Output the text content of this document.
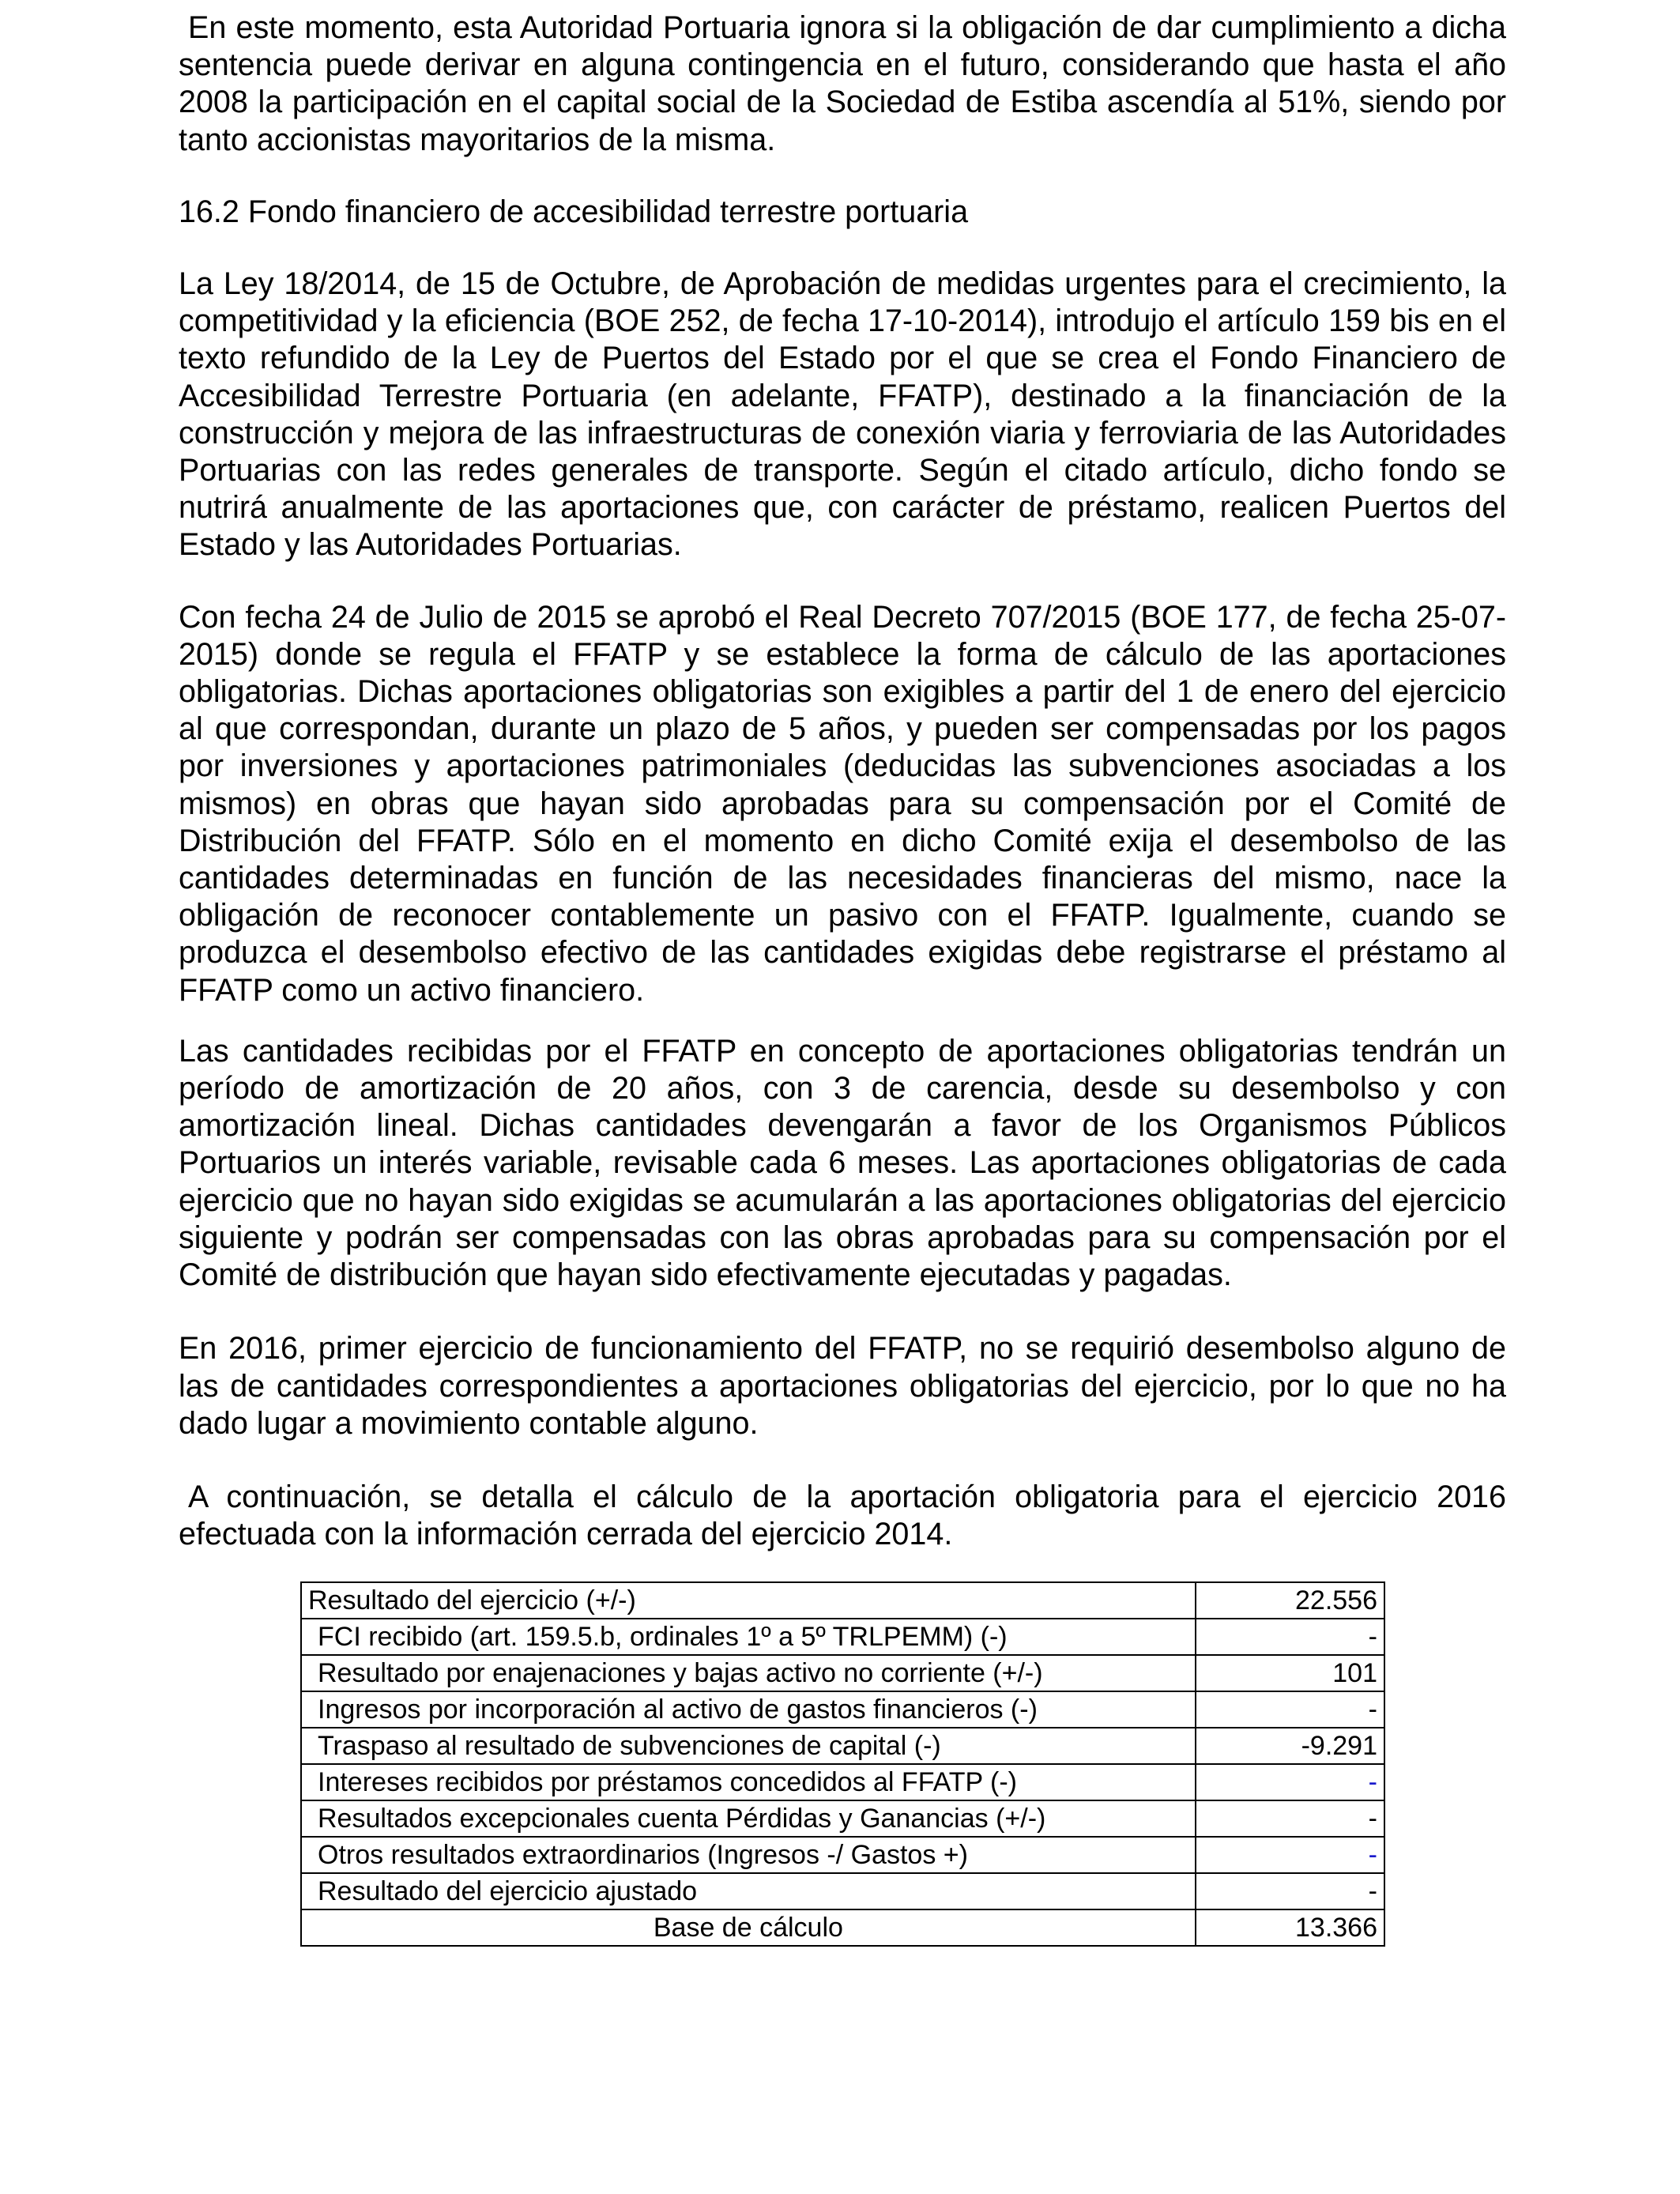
En este momento, esta Autoridad Portuaria ignora si la obligación de dar cumplimiento a dicha sentencia puede derivar en alguna contingencia en el futuro, considerando que hasta el año 2008 la participación en el capital social de la Sociedad de Estiba ascendía al 51%, siendo por tanto accionistas mayoritarios de la misma.

16.2 Fondo financiero de accesibilidad terrestre portuaria

La Ley 18/2014, de 15 de Octubre, de Aprobación de medidas urgentes para el crecimiento, la competitividad y la eficiencia (BOE 252, de fecha 17-10-2014), introdujo el artículo 159 bis en el texto refundido de la Ley de Puertos del Estado por el que se crea el Fondo Financiero de Accesibilidad Terrestre Portuaria (en adelante, FFATP), destinado a la financiación de la construcción y mejora de las infraestructuras de conexión viaria y ferroviaria de las Autoridades Portuarias con las redes generales de transporte. Según el citado artículo, dicho fondo se nutrirá anualmente de las aportaciones que, con carácter de préstamo, realicen Puertos del Estado y las Autoridades Portuarias.

Con fecha 24 de Julio de 2015 se aprobó el Real Decreto 707/2015 (BOE 177, de fecha 25-07-2015) donde se regula el FFATP y se establece la forma de cálculo de las aportaciones obligatorias. Dichas aportaciones obligatorias son exigibles a partir del 1 de enero del ejercicio al que correspondan, durante un plazo de 5 años, y pueden ser compensadas por los pagos por inversiones y aportaciones patrimoniales (deducidas las subvenciones asociadas a los mismos) en obras que hayan sido aprobadas para su compensación por el Comité de Distribución del FFATP. Sólo en el momento en dicho Comité exija el desembolso de las cantidades determinadas en función de las necesidades financieras del mismo, nace la obligación de reconocer contablemente un pasivo con el FFATP. Igualmente, cuando se produzca el desembolso efectivo de las cantidades exigidas debe registrarse el préstamo al FFATP como un activo financiero.

Las cantidades recibidas por el FFATP en concepto de aportaciones obligatorias tendrán un período de amortización de 20 años, con 3 de carencia, desde su desembolso y con amortización lineal. Dichas cantidades devengarán a favor de los Organismos Públicos Portuarios un interés variable, revisable cada 6 meses. Las aportaciones obligatorias de cada ejercicio que no hayan sido exigidas se acumularán a las aportaciones obligatorias del ejercicio siguiente y podrán ser compensadas con las obras aprobadas para su compensación por el Comité de distribución que hayan sido efectivamente ejecutadas y pagadas.

En 2016, primer ejercicio de funcionamiento del FFATP, no se requirió desembolso alguno de las de cantidades correspondientes a aportaciones obligatorias del ejercicio, por lo que no ha dado lugar a movimiento contable alguno.

A continuación, se detalla el cálculo de la aportación obligatoria para el ejercicio 2016 efectuada con la información cerrada del ejercicio 2014.

Resultado del ejercicio (+/-)	22.556
FCI recibido (art. 159.5.b, ordinales 1º a 5º TRLPEMM) (-)	-
Resultado por enajenaciones y bajas activo no corriente (+/-)	101
Ingresos por incorporación al activo de gastos financieros (-)	-
Traspaso al resultado de subvenciones de capital (-)	-9.291
Intereses recibidos por préstamos concedidos al FFATP (-)	-
Resultados excepcionales cuenta Pérdidas y Ganancias (+/-)	-
Otros resultados extraordinarios (Ingresos -/ Gastos +)	-
Resultado del ejercicio ajustado	-
Base de cálculo	13.366
